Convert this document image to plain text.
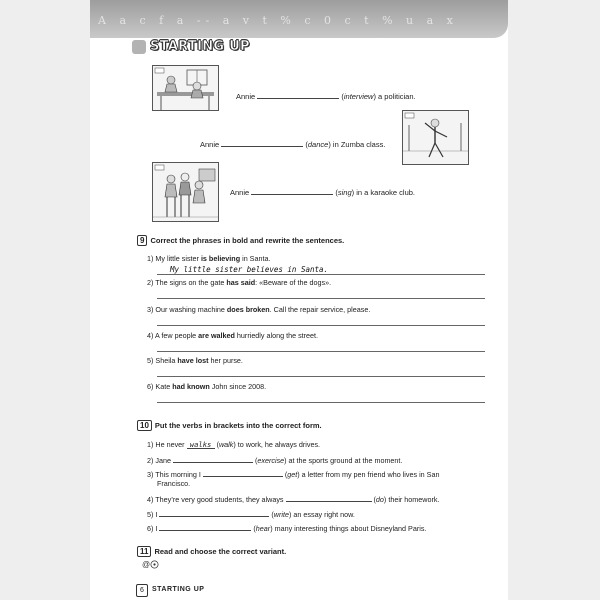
A a c f a -- a v t % c 0 c t % u a x
STARTING UP
Annie	(interview) a politician.
Annie	(dance) in Zumba class.
Annie	(sing) in a karaoke club.
9 Correct the phrases in bold and rewrite the sentences.
1) My little sister is believing in Santa.
My little sister believes in Santa.
2) The signs on the gate has said: «Beware of the dogs».
3) Our washing machine does broken. Call the repair service, please.
4) A few people are walked hurriedly along the street.
5) Sheila have lost her purse.
6) Kate had known John since 2008.
10 Put the verbs in brackets into the correct form.
1) He never walks (walk) to work, he always drives.
2) Jane	(exercise) at the sports ground at the moment.
3) This morning I	(get) a letter from my pen friend who lives in San
Francisco.
4) They’re very good students, they always	(do) their homework.
5) I	(write) an essay right now.
6) I	(hear) many interesting things about Disneyland Paris.
11 Read and choose the correct variant.
@
6	STARTING UP
